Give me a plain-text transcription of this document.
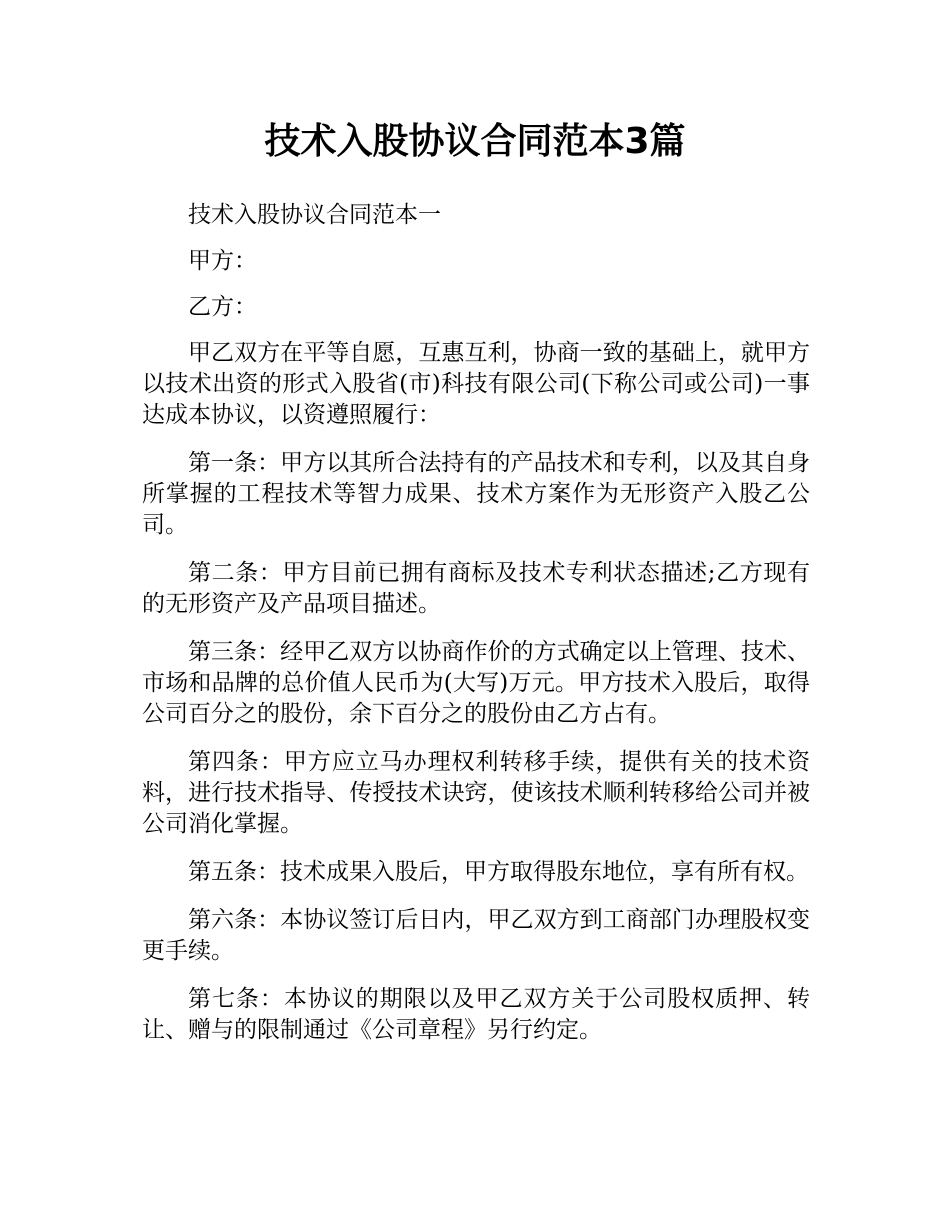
技术入股协议合同范本3篇

技术入股协议合同范本一

甲方：

乙方：

甲乙双方在平等自愿，互惠互利，协商一致的基础上，就甲方以技术出资的形式入股省(市)科技有限公司(下称公司或公司)一事达成本协议，以资遵照履行：

第一条：甲方以其所合法持有的产品技术和专利，以及其自身所掌握的工程技术等智力成果、技术方案作为无形资产入股乙公司。

第二条：甲方目前已拥有商标及技术专利状态描述;乙方现有的无形资产及产品项目描述。

第三条：经甲乙双方以协商作价的方式确定以上管理、技术、市场和品牌的总价值人民币为(大写)万元。甲方技术入股后，取得公司百分之的股份，余下百分之的股份由乙方占有。

第四条：甲方应立马办理权利转移手续，提供有关的技术资料，进行技术指导、传授技术诀窍，使该技术顺利转移给公司并被公司消化掌握。

第五条：技术成果入股后，甲方取得股东地位，享有所有权。

第六条：本协议签订后日内，甲乙双方到工商部门办理股权变更手续。

第七条：本协议的期限以及甲乙双方关于公司股权质押、转让、赠与的限制通过《公司章程》另行约定。
